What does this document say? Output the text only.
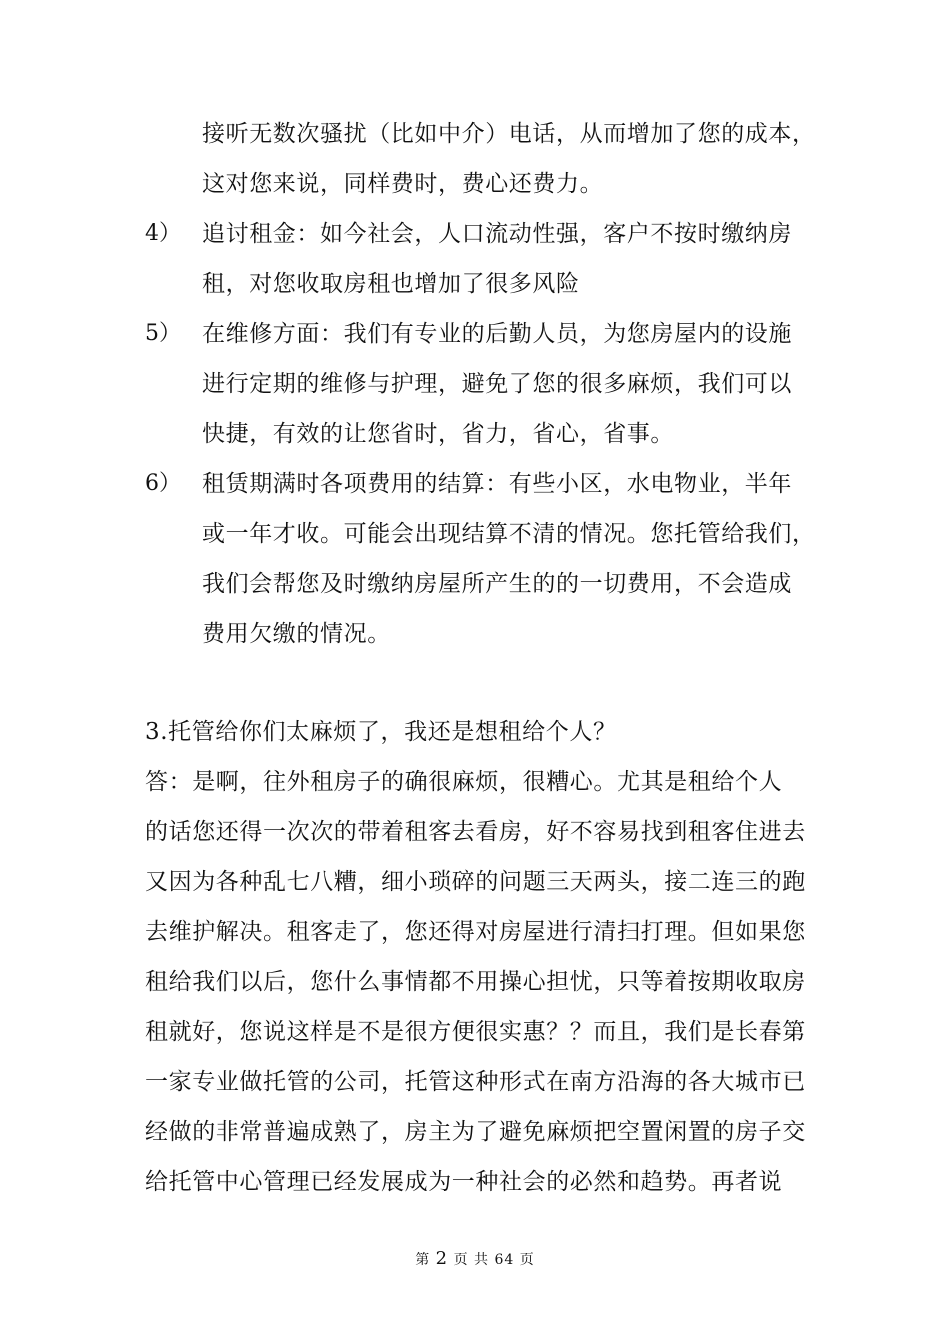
接听无数次骚扰（比如中介）电话，从而增加了您的成本，
这对您来说，同样费时，费心还费力。
4） 追讨租金：如今社会，人口流动性强，客户不按时缴纳房
租，对您收取房租也增加了很多风险
5） 在维修方面：我们有专业的后勤人员，为您房屋内的设施
进行定期的维修与护理，避免了您的很多麻烦，我们可以
快捷，有效的让您省时，省力，省心，省事。
6） 租赁期满时各项费用的结算：有些小区，水电物业，半年
或一年才收。可能会出现结算不清的情况。您托管给我们，
我们会帮您及时缴纳房屋所产生的的一切费用，不会造成
费用欠缴的情况。
3.托管给你们太麻烦了，我还是想租给个人？
答：是啊，往外租房子的确很麻烦，很糟心。尤其是租给个人
的话您还得一次次的带着租客去看房，好不容易找到租客住进去
又因为各种乱七八糟，细小琐碎的问题三天两头，接二连三的跑
去维护解决。租客走了，您还得对房屋进行清扫打理。但如果您
租给我们以后，您什么事情都不用操心担忧，只等着按期收取房
租就好，您说这样是不是很方便很实惠？？而且，我们是长春第
一家专业做托管的公司，托管这种形式在南方沿海的各大城市已
经做的非常普遍成熟了，房主为了避免麻烦把空置闲置的房子交
给托管中心管理已经发展成为一种社会的必然和趋势。再者说
第 2 页 共 64 页
